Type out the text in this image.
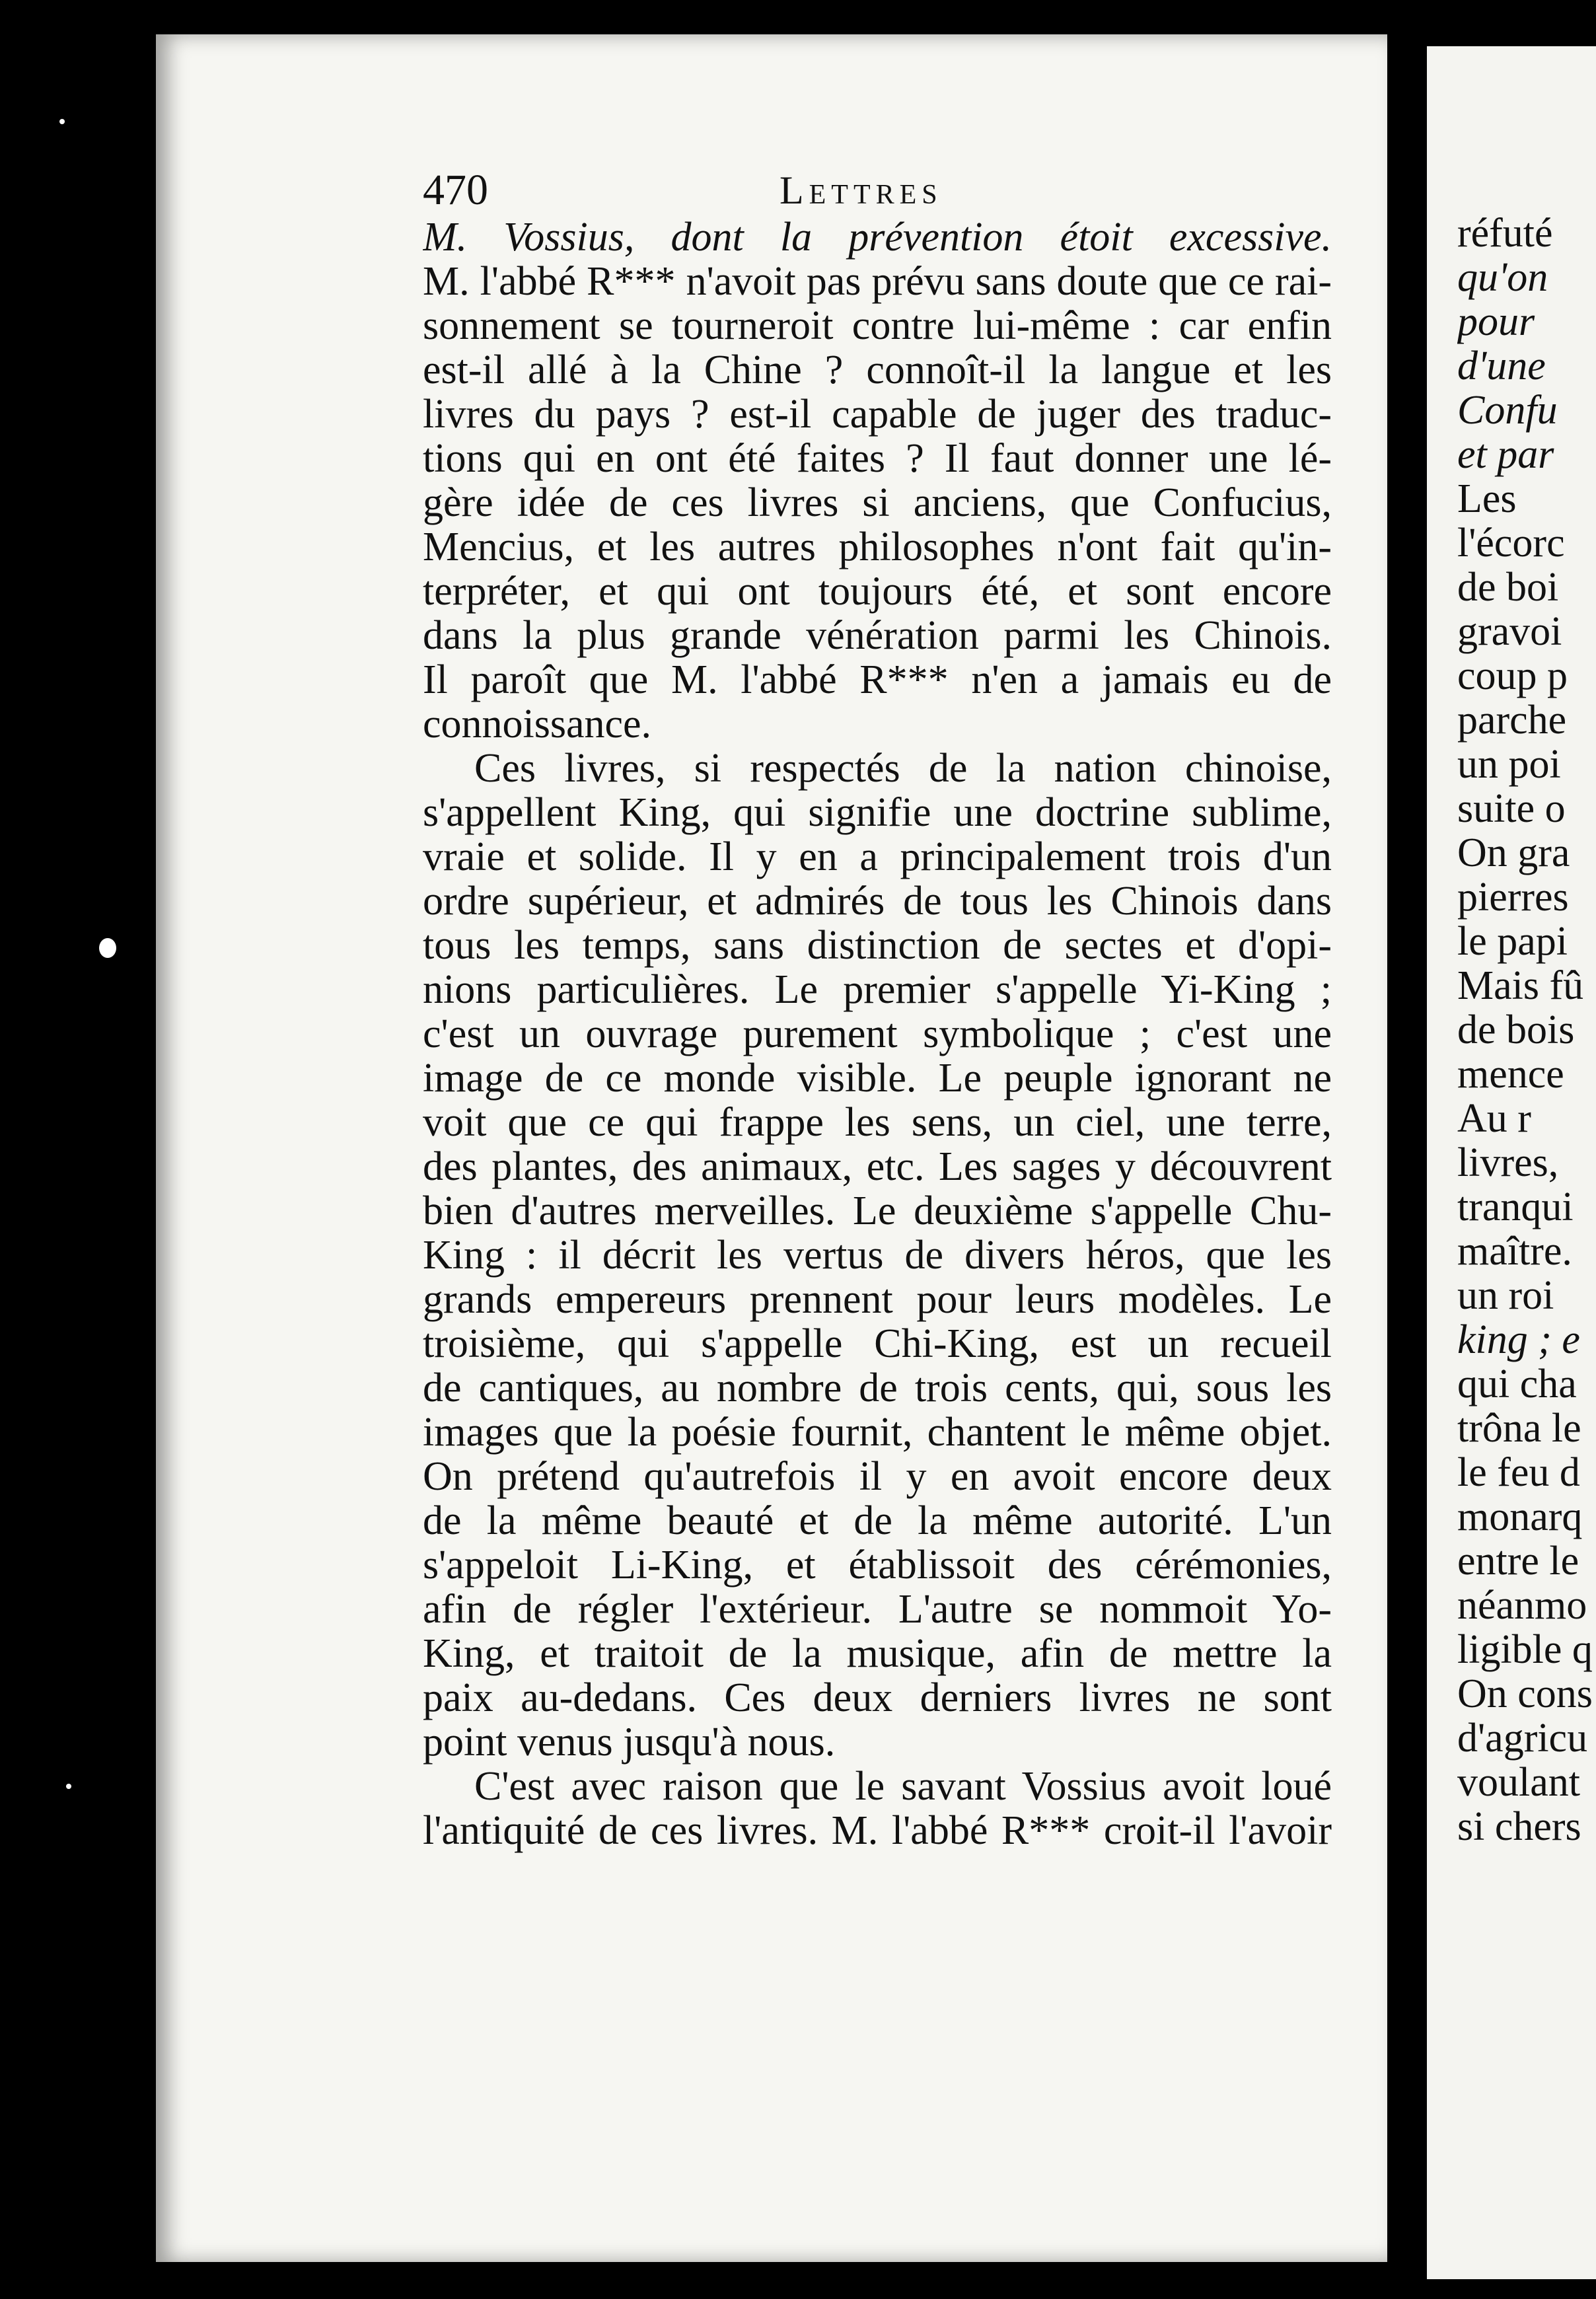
470	Lettres
M. Vossius, dont la prévention étoit excessive.
M. l'abbé R*** n'avoit pas prévu sans doute que ce rai-
sonnement se tourneroit contre lui-même : car enfin
est-il allé à la Chine ? connoît-il la langue et les
livres du pays ? est-il capable de juger des traduc-
tions qui en ont été faites ? Il faut donner une lé-
gère idée de ces livres si anciens, que Confucius,
Mencius, et les autres philosophes n'ont fait qu'in-
terpréter, et qui ont toujours été, et sont encore
dans la plus grande vénération parmi les Chinois.
Il paroît que M. l'abbé R*** n'en a jamais eu de
connoissance.
Ces livres, si respectés de la nation chinoise,
s'appellent King, qui signifie une doctrine sublime,
vraie et solide. Il y en a principalement trois d'un
ordre supérieur, et admirés de tous les Chinois dans
tous les temps, sans distinction de sectes et d'opi-
nions particulières. Le premier s'appelle Yi-King ;
c'est un ouvrage purement symbolique ; c'est une
image de ce monde visible. Le peuple ignorant ne
voit que ce qui frappe les sens, un ciel, une terre,
des plantes, des animaux, etc. Les sages y découvrent
bien d'autres merveilles. Le deuxième s'appelle Chu-
King : il décrit les vertus de divers héros, que les
grands empereurs prennent pour leurs modèles. Le
troisième, qui s'appelle Chi-King, est un recueil
de cantiques, au nombre de trois cents, qui, sous les
images que la poésie fournit, chantent le même objet.
On prétend qu'autrefois il y en avoit encore deux
de la même beauté et de la même autorité. L'un
s'appeloit Li-King, et établissoit des cérémonies,
afin de régler l'extérieur. L'autre se nommoit Yo-
King, et traitoit de la musique, afin de mettre la
paix au-dedans. Ces deux derniers livres ne sont
point venus jusqu'à nous.
C'est avec raison que le savant Vossius avoit loué
l'antiquité de ces livres. M. l'abbé R*** croit-il l'avoir
réfuté
qu'on
pour
d'une
Confu
et par
Les
l'écorc
de boi
gravoi
coup p
parche
un poi
suite o
On gra
pierres
le papi
Mais fû
de bois
mence
Au r
livres,
tranqui
maître.
un roi
king ; e
qui cha
trôna le
le feu d
monarq
entre le
néanmo
ligible q
On cons
d'agricu
voulant
si chers
